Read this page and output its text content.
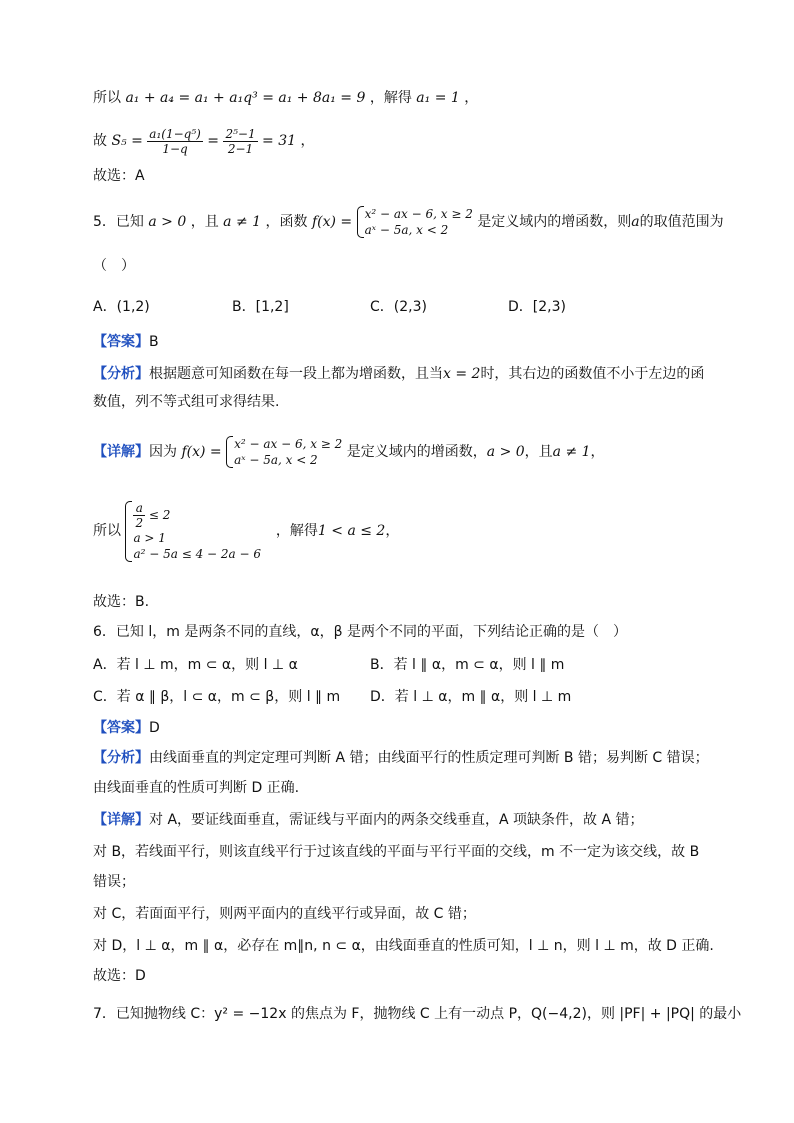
所以 a₁ + a₄ = a₁ + a₁q³ = a₁ + 8a₁ = 9 ，解得 a₁ = 1 ，
故 $S_5 = \frac{\text{a₁(1−q⁵)}}{1-q} = \frac{\text{2⁵−1}}{2-1} = 31$ ，
故选：A
5．已知 a > 0 ，且 a ≠ 1 ，函数 f(x) = x² − ax − 6, x ≥ 2
aˣ − 5a, x < 2	是定义域内的增函数，则a的取值范围为
（　）
A．(1,2)	B．[1,2]	C．(2,3)	D．[2,3)
【答案】B
【分析】根据题意可知函数在每一段上都为增函数，且当x = 2时，其右边的函数值不小于左边的函
数值，列不等式组可求得结果.
【详解】因为 f(x) = x² − ax − 6, x ≥ 2
aˣ − 5a, x < 2	是定义域内的增函数，a > 0，且a ≠ 1，
所以
$\frac{a}{2} \le 2$
a > 1
a² − 5a ≤ 4 − 2a − 6
，解得1 < a ≤ 2，
故选：B.
6．已知 l，m 是两条不同的直线，α，β 是两个不同的平面，下列结论正确的是（　）
A．若 l ⊥ m，m ⊂ α，则 l ⊥ α	B．若 l ∥ α，m ⊂ α，则 l ∥ m
C．若 α ∥ β，l ⊂ α，m ⊂ β，则 l ∥ m D．若 l ⊥ α，m ∥ α，则 l ⊥ m
【答案】D
【分析】由线面垂直的判定定理可判断 A 错；由线面平行的性质定理可判断 B 错；易判断 C 错误；
由线面垂直的性质可判断 D 正确.
【详解】对 A，要证线面垂直，需证线与平面内的两条交线垂直，A 项缺条件，故 A 错；
对 B，若线面平行，则该直线平行于过该直线的平面与平行平面的交线，m 不一定为该交线，故 B
错误；
对 C，若面面平行，则两平面内的直线平行或异面，故 C 错；
对 D，l ⊥ α，m ∥ α，必存在 m∥n, n ⊂ α，由线面垂直的性质可知，l ⊥ n，则 l ⊥ m，故 D 正确.
故选：D
7．已知抛物线 C：y² = −12x 的焦点为 F，抛物线 C 上有一动点 P，Q(−4,2)，则 |PF| + |PQ| 的最小
